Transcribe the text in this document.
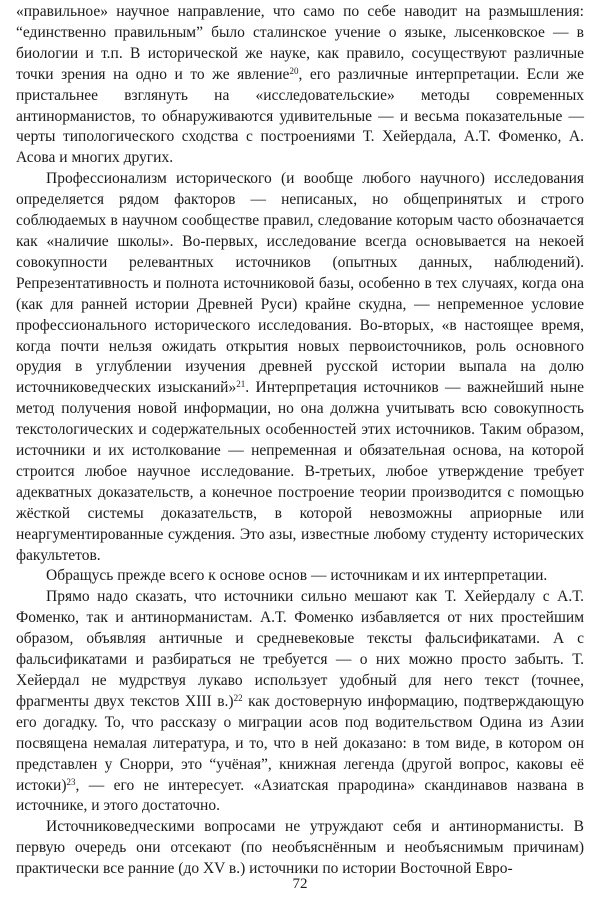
«правильное» научное направление, что само по себе наводит на размышления: “единственно правильным” было сталинское учение о языке, лысенковское — в биологии и т.п. В исторической же науке, как правило, сосуществуют различные точки зрения на одно и то же явление$^{20}$, его различные интерпретации. Если же пристальнее взглянуть на «исследовательские» методы современных антинорманистов, то обнаруживаются удивительные — и весьма показательные — черты типологического сходства с построениями Т. Хейердала, А.Т. Фоменко, А. Асова и многих других.

Профессионализм исторического (и вообще любого научного) исследования определяется рядом факторов — неписаных, но общепринятых и строго соблюдаемых в научном сообществе правил, следование которым часто обозначается как «наличие школы». Во-первых, исследование всегда основывается на некоей совокупности релевантных источников (опытных данных, наблюдений). Репрезентативность и полнота источниковой базы, особенно в тех случаях, когда она (как для ранней истории Древней Руси) крайне скудна, — непременное условие профессионального исторического исследования. Во-вторых, «в настоящее время, когда почти нельзя ожидать открытия новых первоисточников, роль основного орудия в углублении изучения древней русской истории выпала на долю источниковедческих изысканий»$^{21}$. Интерпретация источников — важнейший ныне метод получения новой информации, но она должна учитывать всю совокупность текстологических и содержательных особенностей этих источников. Таким образом, источники и их истолкование — непременная и обязательная основа, на которой строится любое научное исследование. В-третьих, любое утверждение требует адекватных доказательств, а конечное построение теории производится с помощью жёсткой системы доказательств, в которой невозможны априорные или неаргументированные суждения. Это азы, известные любому студенту исторических факультетов.

Обращусь прежде всего к основе основ — источникам и их интерпретации.

Прямо надо сказать, что источники сильно мешают как Т. Хейердалу с А.Т. Фоменко, так и антинорманистам. А.Т. Фоменко избавляется от них простейшим образом, объявляя античные и средневековые тексты фальсификатами. А с фальсификатами и разбираться не требуется — о них можно просто забыть. Т. Хейердал не мудрствуя лукаво использует удобный для него текст (точнее, фрагменты двух текстов XIII в.)$^{22}$ как достоверную информацию, подтверждающую его догадку. То, что рассказу о миграции асов под водительством Одина из Азии посвящена немалая литература, и то, что в ней доказано: в том виде, в котором он представлен у Снорри, это “учёная”, книжная легенда (другой вопрос, каковы её истоки)$^{23}$, — его не интересует. «Азиатская прародина» скандинавов названа в источнике, и этого достаточно.

Источниковедческими вопросами не утруждают себя и антинорманисты. В первую очередь они отсекают (по необъяснённым и необъяснимым причинам) практически все ранние (до XV в.) источники по истории Восточной Евро-

72
